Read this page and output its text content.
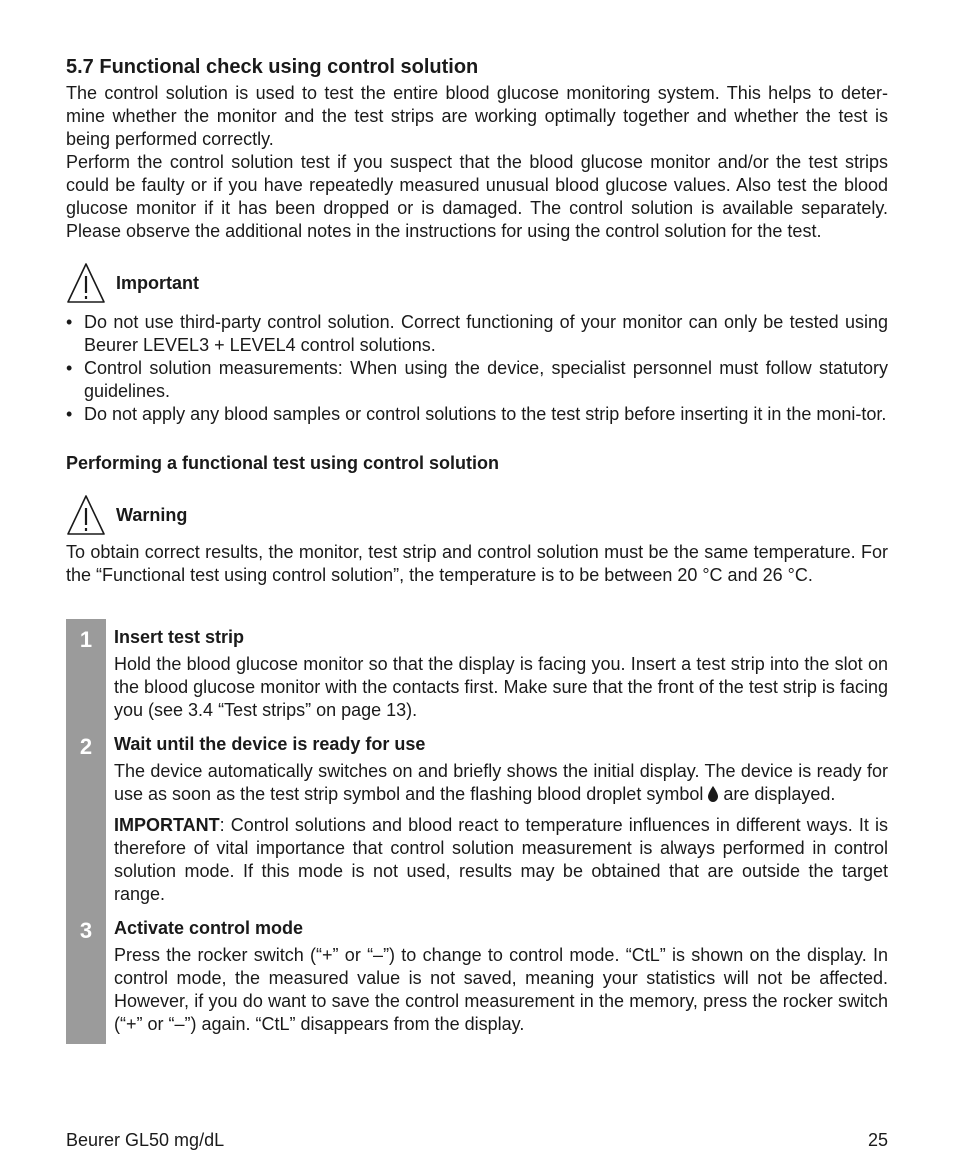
5.7 Functional check using control solution

The control solution is used to test the entire blood glucose monitoring system. This helps to deter-mine whether the monitor and the test strips are working optimally together and whether the test is being performed correctly.

Perform the control solution test if you suspect that the blood glucose monitor and/or the test strips could be faulty or if you have repeatedly measured unusual blood glucose values. Also test the blood glucose monitor if it has been dropped or is damaged. The control solution is available separately. Please observe the additional notes in the instructions for using the control solution for the test.

Important
• Do not use third-party control solution. Correct functioning of your monitor can only be tested using Beurer LEVEL3 + LEVEL4 control solutions.
• Control solution measurements: When using the device, specialist personnel must follow statutory guidelines.
• Do not apply any blood samples or control solutions to the test strip before inserting it in the moni-tor.
Performing a functional test using control solution
Warning

To obtain correct results, the monitor, test strip and control solution must be the same temperature. For the “Functional test using control solution”, the temperature is to be between 20 °C and 26 °C.

1	Insert test strip
Hold the blood glucose monitor so that the display is facing you. Insert a test strip into the slot on the blood glucose monitor with the contacts first. Make sure that the front of the test strip is facing you (see 3.4 “Test strips” on page 13).
2	Wait until the device is ready for use
The device automatically switches on and briefly shows the initial display. The device is ready for use as soon as the test strip symbol and the flashing blood droplet symbol  are displayed.
IMPORTANT: Control solutions and blood react to temperature influences in different ways. It is therefore of vital importance that control solution measurement is always performed in control solution mode. If this mode is not used, results may be obtained that are outside the target range.
3	Activate control mode
Press the rocker switch (“+” or “–”) to change to control mode. “CtL” is shown on the display. In control mode, the measured value is not saved, meaning your statistics will not be affected. However, if you do want to save the control measurement in the memory, press the rocker switch (“+” or “–”) again. “CtL” disappears from the display.
Beurer GL50 mg/dL	25
